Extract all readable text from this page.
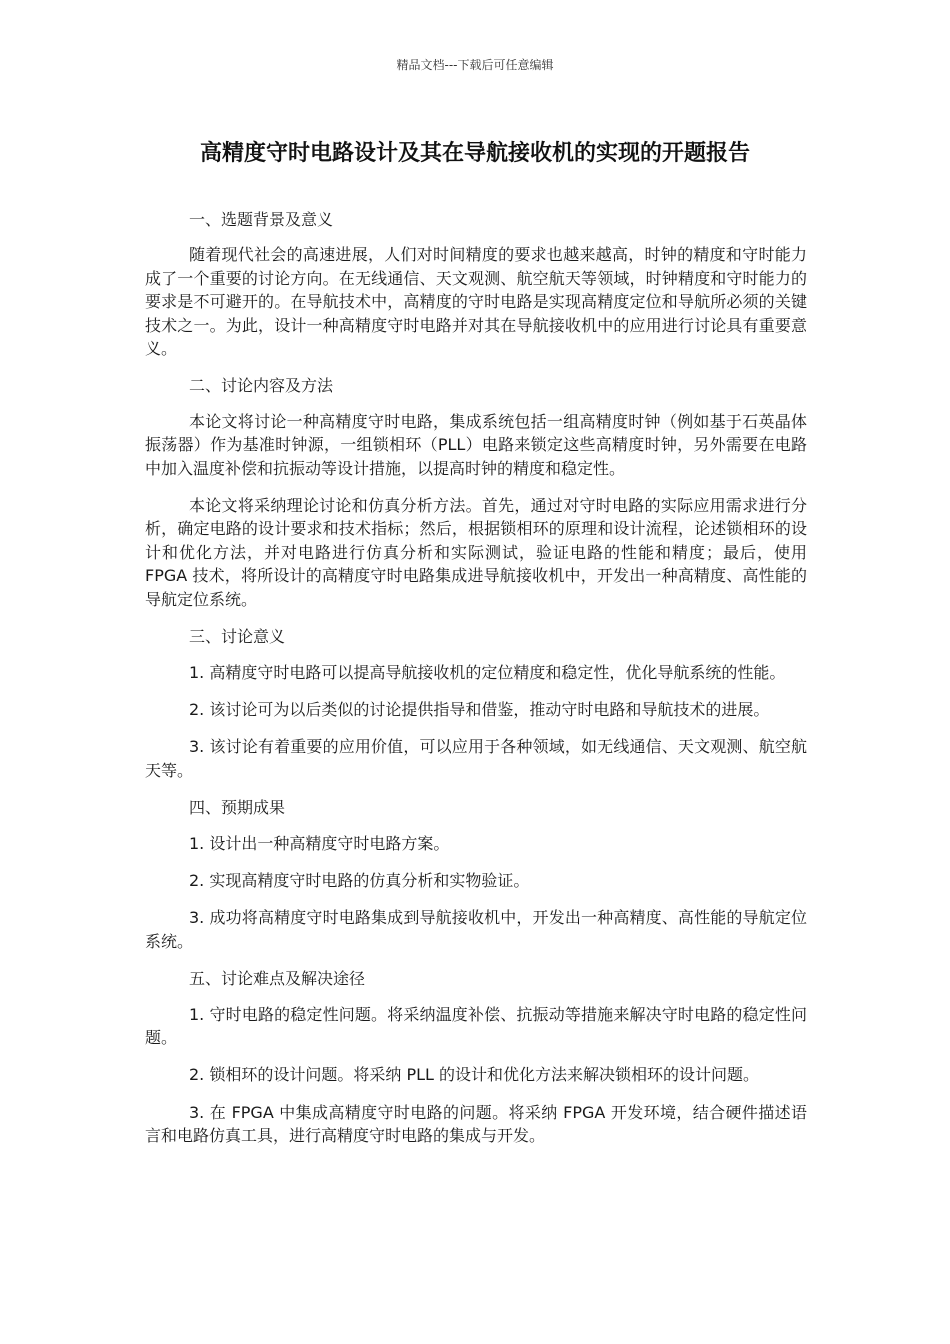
精品文档---下载后可任意编辑
高精度守时电路设计及其在导航接收机的实现的开题报告

一、选题背景及意义

随着现代社会的高速进展，人们对时间精度的要求也越来越高，时钟的精度和守时能力成了一个重要的讨论方向。在无线通信、天文观测、航空航天等领域，时钟精度和守时能力的要求是不可避开的。在导航技术中，高精度的守时电路是实现高精度定位和导航所必须的关键技术之一。为此，设计一种高精度守时电路并对其在导航接收机中的应用进行讨论具有重要意义。

二、讨论内容及方法

本论文将讨论一种高精度守时电路，集成系统包括一组高精度时钟（例如基于石英晶体振荡器）作为基准时钟源，一组锁相环（PLL）电路来锁定这些高精度时钟，另外需要在电路中加入温度补偿和抗振动等设计措施，以提高时钟的精度和稳定性。

本论文将采纳理论讨论和仿真分析方法。首先，通过对守时电路的实际应用需求进行分析，确定电路的设计要求和技术指标；然后，根据锁相环的原理和设计流程，论述锁相环的设计和优化方法，并对电路进行仿真分析和实际测试，验证电路的性能和精度；最后，使用 FPGA 技术，将所设计的高精度守时电路集成进导航接收机中，开发出一种高精度、高性能的导航定位系统。

三、讨论意义

1. 高精度守时电路可以提高导航接收机的定位精度和稳定性，优化导航系统的性能。

2. 该讨论可为以后类似的讨论提供指导和借鉴，推动守时电路和导航技术的进展。

3. 该讨论有着重要的应用价值，可以应用于各种领域，如无线通信、天文观测、航空航天等。

四、预期成果

1. 设计出一种高精度守时电路方案。

2. 实现高精度守时电路的仿真分析和实物验证。

3. 成功将高精度守时电路集成到导航接收机中，开发出一种高精度、高性能的导航定位系统。

五、讨论难点及解决途径

1. 守时电路的稳定性问题。将采纳温度补偿、抗振动等措施来解决守时电路的稳定性问题。

2. 锁相环的设计问题。将采纳 PLL 的设计和优化方法来解决锁相环的设计问题。

3. 在 FPGA 中集成高精度守时电路的问题。将采纳 FPGA 开发环境，结合硬件描述语言和电路仿真工具，进行高精度守时电路的集成与开发。
